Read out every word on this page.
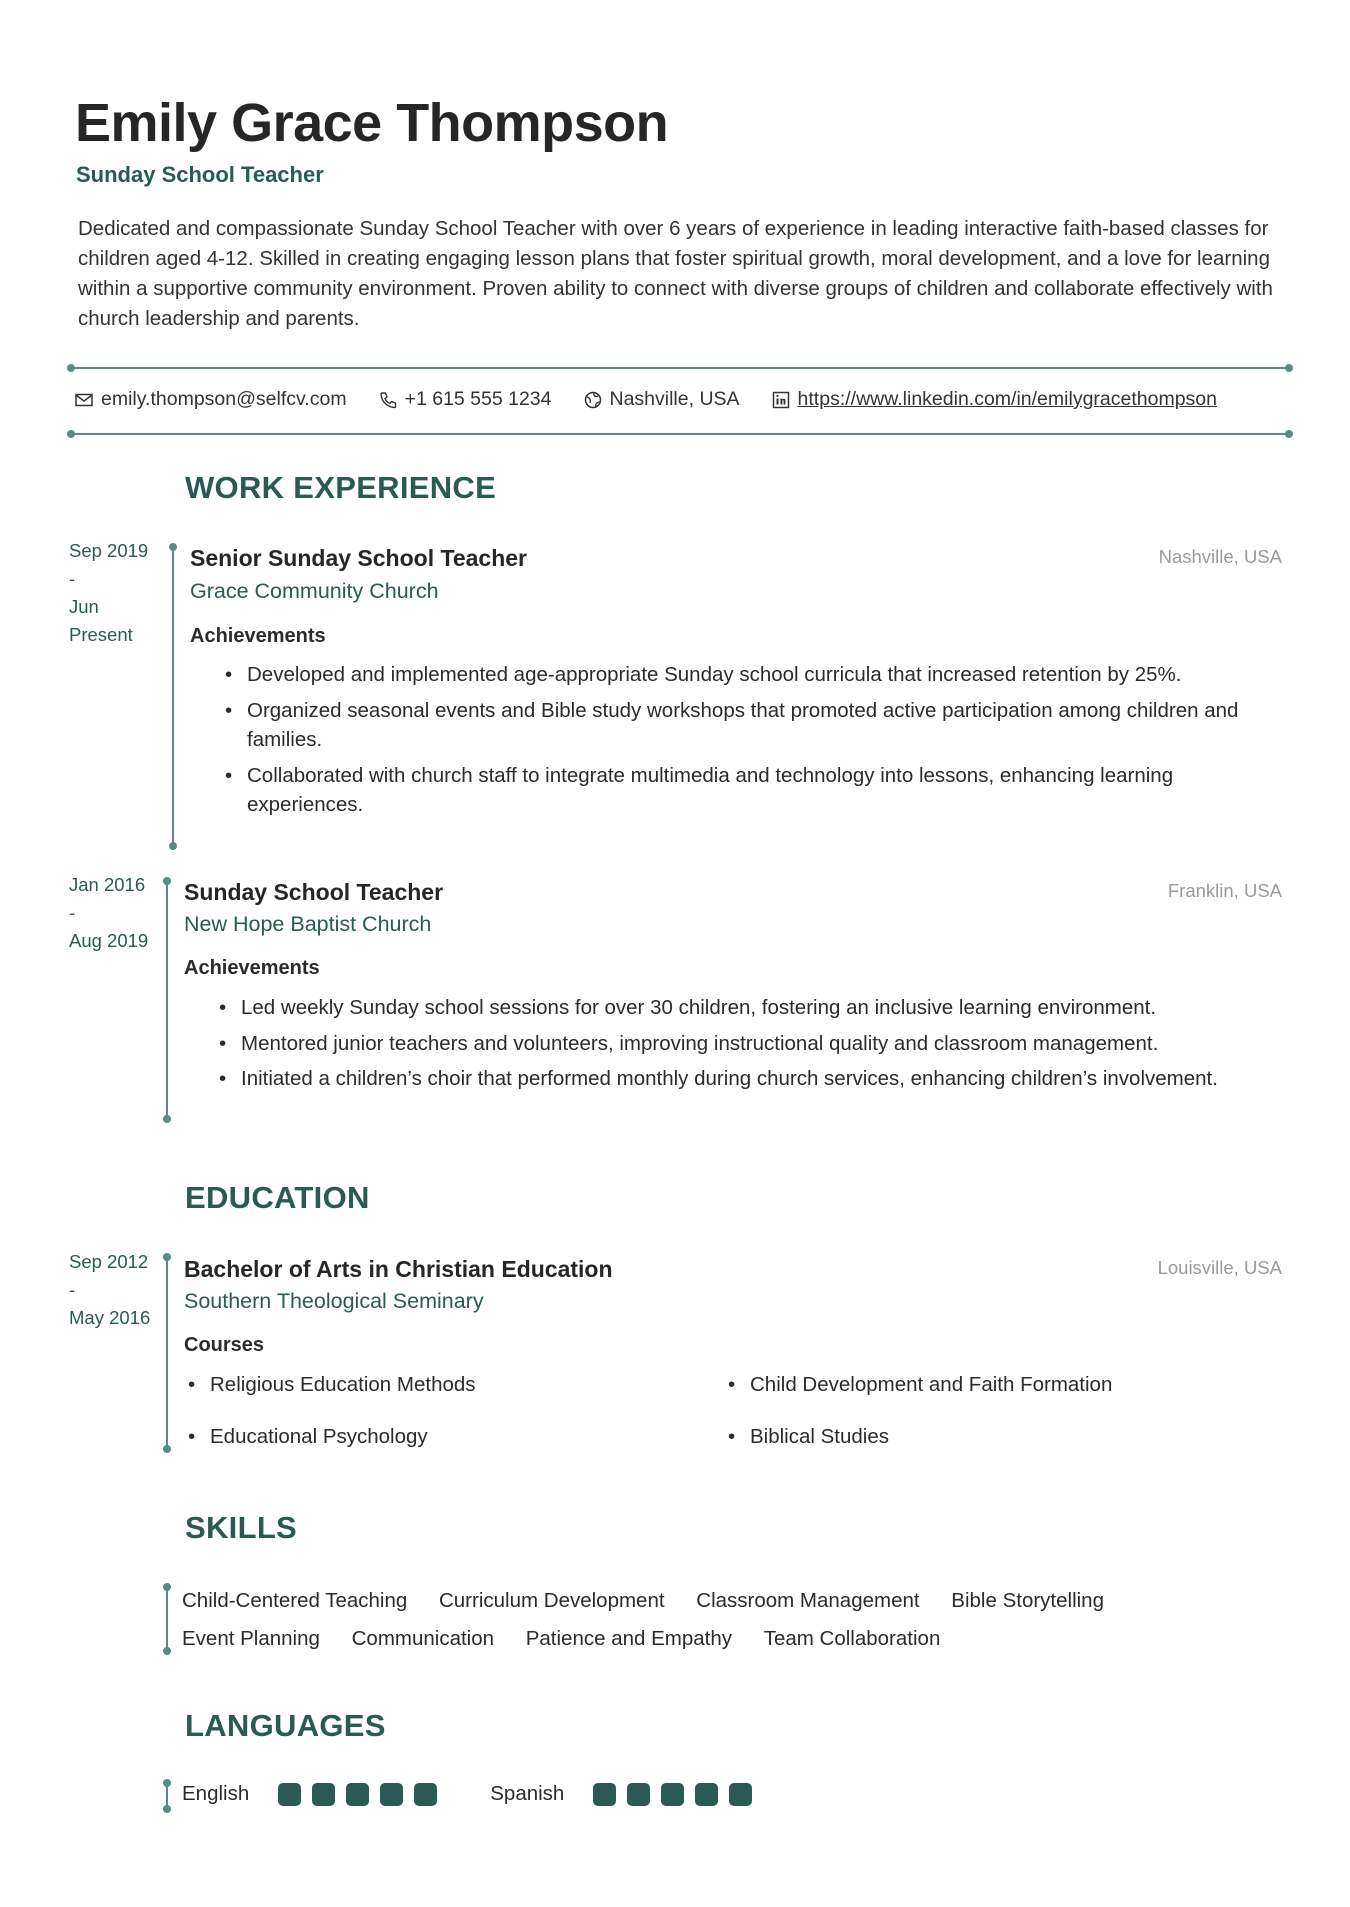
Emily Grace Thompson
Sunday School Teacher
Dedicated and compassionate Sunday School Teacher with over 6 years of experience in leading interactive faith-based classes for children aged 4-12. Skilled in creating engaging lesson plans that foster spiritual growth, moral development, and a love for learning within a supportive community environment. Proven ability to connect with diverse groups of children and collaborate effectively with church leadership and parents.
emily.thompson@selfcv.com	+1 615 555 1234	Nashville, USA	https://www.linkedin.com/in/emilygracethompson
WORK EXPERIENCE
Sep 2019
-
Jun
Present
Senior Sunday School Teacher	Nashville, USA
Grace Community Church
Achievements
• Developed and implemented age-appropriate Sunday school curricula that increased retention by 25%.
• Organized seasonal events and Bible study workshops that promoted active participation among children and families.
• Collaborated with church staff to integrate multimedia and technology into lessons, enhancing learning experiences.
Jan 2016
-
Aug 2019
Sunday School Teacher	Franklin, USA
New Hope Baptist Church
Achievements
• Led weekly Sunday school sessions for over 30 children, fostering an inclusive learning environment.
• Mentored junior teachers and volunteers, improving instructional quality and classroom management.
• Initiated a children’s choir that performed monthly during church services, enhancing children’s involvement.
EDUCATION
Sep 2012
-
May 2016
Bachelor of Arts in Christian Education	Louisville, USA
Southern Theological Seminary
Courses
• Religious Education Methods	• Child Development and Faith Formation
• Educational Psychology	• Biblical Studies
SKILLS
Child-Centered Teaching Curriculum Development Classroom Management Bible Storytelling
Event Planning Communication Patience and Empathy Team Collaboration
LANGUAGES
English	Spanish
